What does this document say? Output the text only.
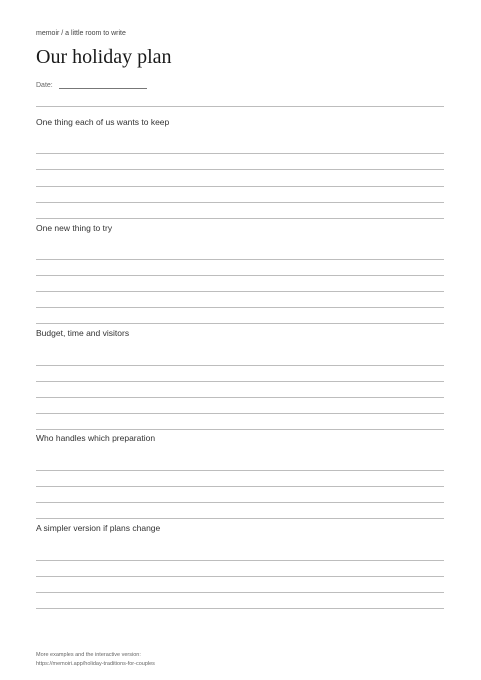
memoir / a little room to write
Our holiday plan
Date:
One thing each of us wants to keep
One new thing to try
Budget, time and visitors
Who handles which preparation
A simpler version if plans change
More examples and the interactive version:
https://memoiri.app/holiday-traditions-for-couples
